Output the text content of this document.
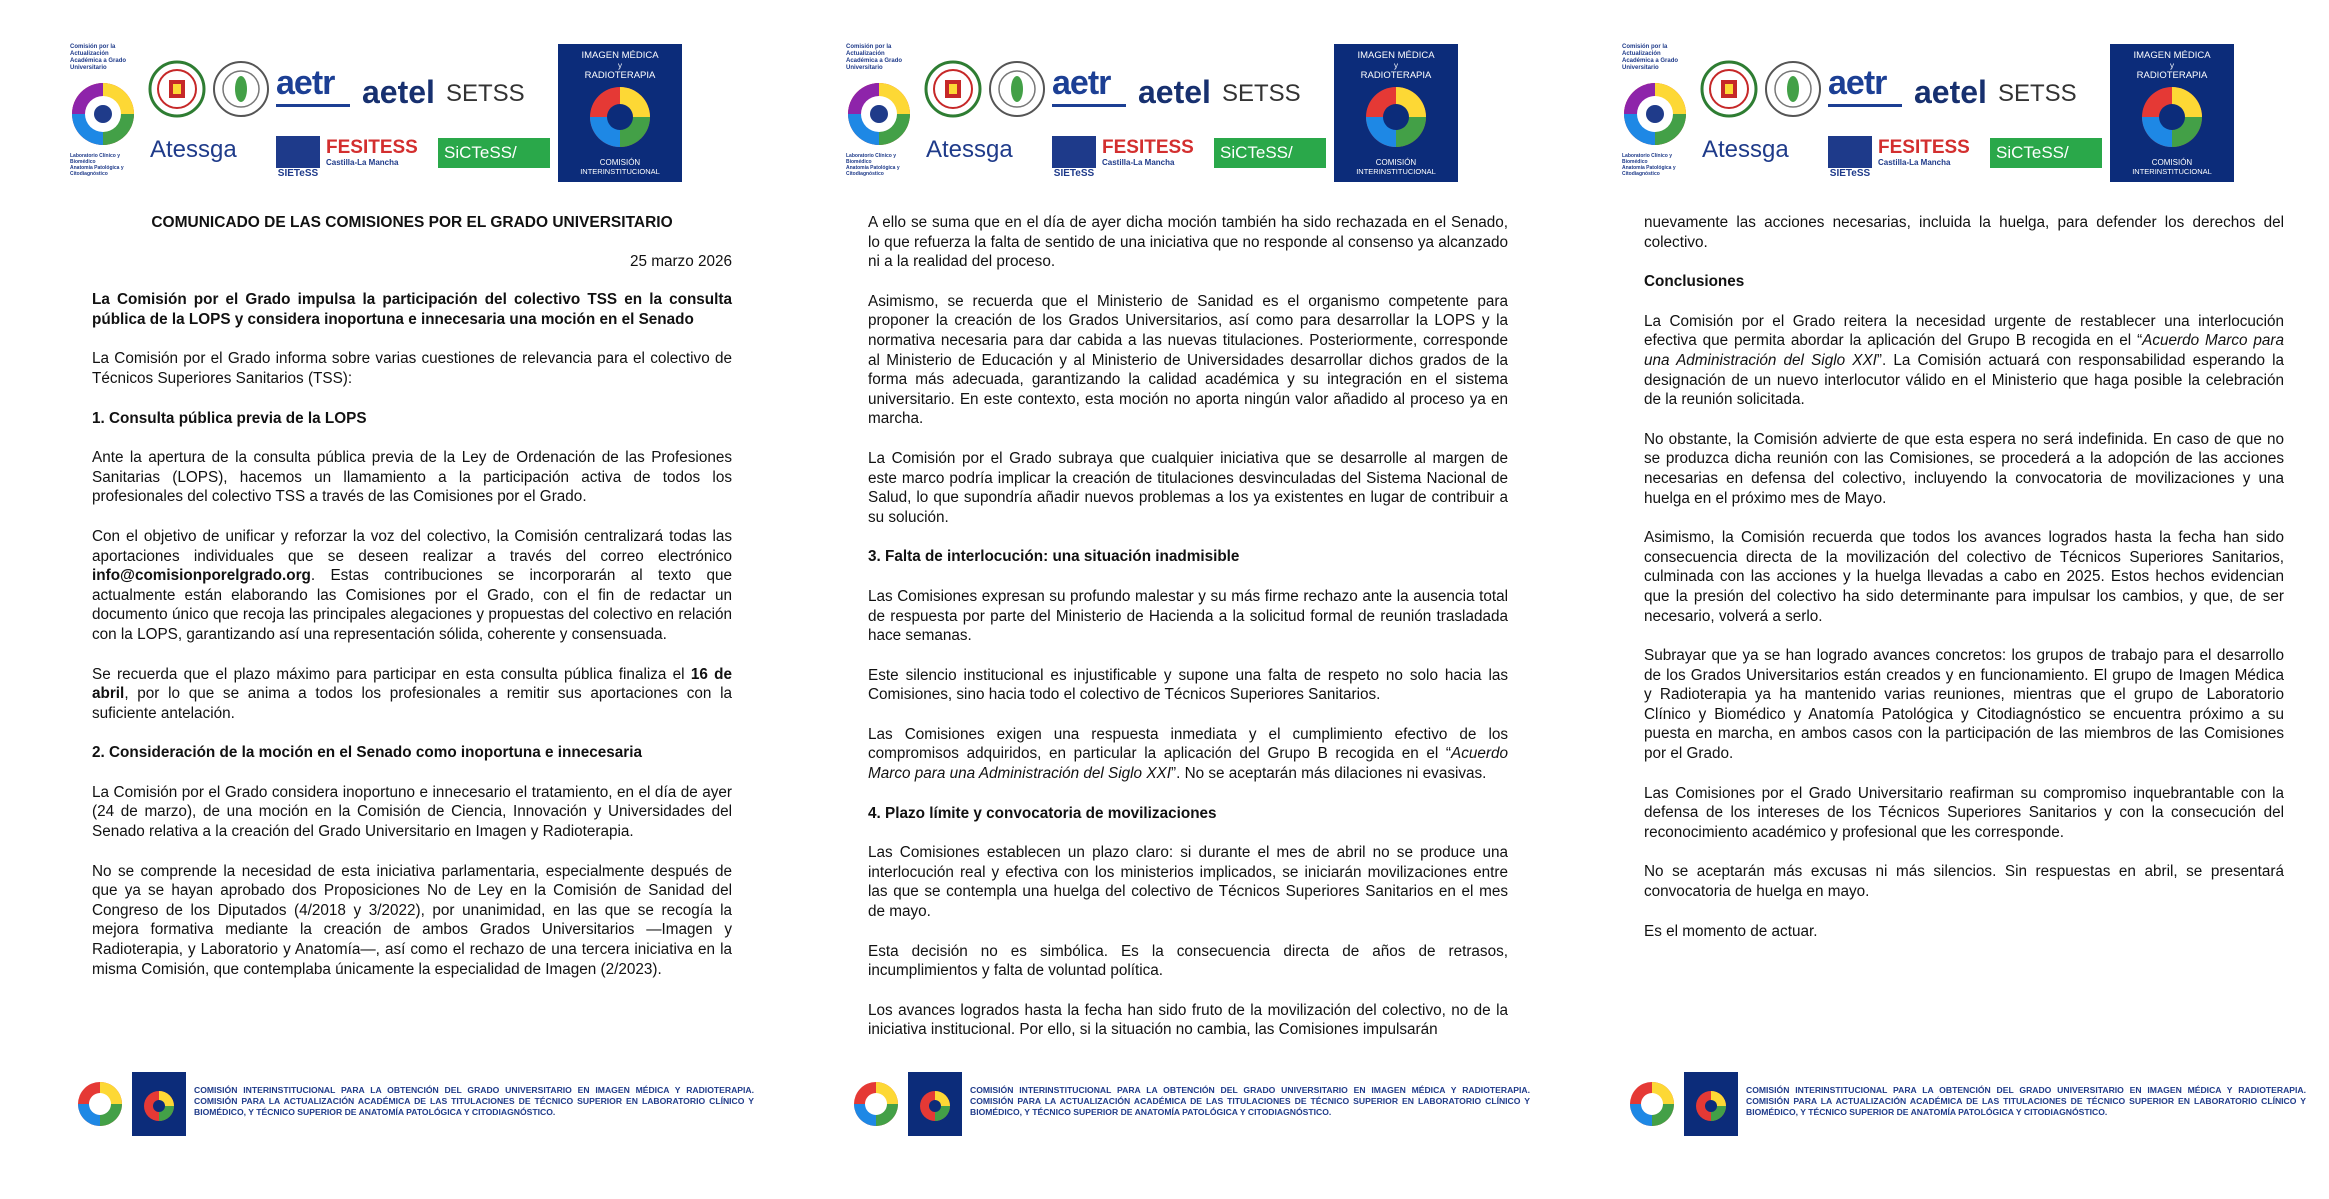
Comisión por la Actualización
Académica a Grado Universitario
Laboratorio Clínico y Biomédico
Anatomía Patológica y Citodiagnóstico
aetr aetel SETSS
Atessga
SIETeSS
FESITESS
Castilla-La Mancha
SiCTeSS/
IMAGEN MÉDICA
y
RADIOTERAPIA
COMISIÓN
INTERINSTITUCIONAL
COMUNICADO DE LAS COMISIONES POR EL GRADO UNIVERSITARIO
25 marzo 2026

La Comisión por el Grado impulsa la participación del colectivo TSS en la consulta pública de la LOPS y considera inoportuna e innecesaria una moción en el Senado

La Comisión por el Grado informa sobre varias cuestiones de relevancia para el colectivo de Técnicos Superiores Sanitarios (TSS):

1. Consulta pública previa de la LOPS

Ante la apertura de la consulta pública previa de la Ley de Ordenación de las Profesiones Sanitarias (LOPS), hacemos un llamamiento a la participación activa de todos los profesionales del colectivo TSS a través de las Comisiones por el Grado.

Con el objetivo de unificar y reforzar la voz del colectivo, la Comisión centralizará todas las aportaciones individuales que se deseen realizar a través del correo electrónico info@comisionporelgrado.org. Estas contribuciones se incorporarán al texto que actualmente están elaborando las Comisiones por el Grado, con el fin de redactar un documento único que recoja las principales alegaciones y propuestas del colectivo en relación con la LOPS, garantizando así una representación sólida, coherente y consensuada.

Se recuerda que el plazo máximo para participar en esta consulta pública finaliza el 16 de abril, por lo que se anima a todos los profesionales a remitir sus aportaciones con la suficiente antelación.

2. Consideración de la moción en el Senado como inoportuna e innecesaria

La Comisión por el Grado considera inoportuno e innecesario el tratamiento, en el día de ayer (24 de marzo), de una moción en la Comisión de Ciencia, Innovación y Universidades del Senado relativa a la creación del Grado Universitario en Imagen y Radioterapia.

No se comprende la necesidad de esta iniciativa parlamentaria, especialmente después de que ya se hayan aprobado dos Proposiciones No de Ley en la Comisión de Sanidad del Congreso de los Diputados (4/2018 y 3/2022), por unanimidad, en las que se recogía la mejora formativa mediante la creación de ambos Grados Universitarios —Imagen y Radioterapia, y Laboratorio y Anatomía—, así como el rechazo de una tercera iniciativa en la misma Comisión, que contemplaba únicamente la especialidad de Imagen (2/2023).

COMISIÓN INTERINSTITUCIONAL PARA LA OBTENCIÓN DEL GRADO UNIVERSITARIO EN IMAGEN MÉDICA Y RADIOTERAPIA. COMISIÓN PARA LA ACTUALIZACIÓN ACADÉMICA DE LAS TITULACIONES DE TÉCNICO SUPERIOR EN LABORATORIO CLÍNICO Y BIOMÉDICO, Y TÉCNICO SUPERIOR DE ANATOMÍA PATOLÓGICA Y CITODIAGNÓSTICO.
Comisión por la Actualización
Académica a Grado Universitario
Laboratorio Clínico y Biomédico
Anatomía Patológica y Citodiagnóstico
aetr aetel SETSS
Atessga
SIETeSS
FESITESS
Castilla-La Mancha
SiCTeSS/
IMAGEN MÉDICA
y
RADIOTERAPIA
COMISIÓN
INTERINSTITUCIONAL

A ello se suma que en el día de ayer dicha moción también ha sido rechazada en el Senado, lo que refuerza la falta de sentido de una iniciativa que no responde al consenso ya alcanzado ni a la realidad del proceso.

Asimismo, se recuerda que el Ministerio de Sanidad es el organismo competente para proponer la creación de los Grados Universitarios, así como para desarrollar la LOPS y la normativa necesaria para dar cabida a las nuevas titulaciones. Posteriormente, corresponde al Ministerio de Educación y al Ministerio de Universidades desarrollar dichos grados de la forma más adecuada, garantizando la calidad académica y su integración en el sistema universitario. En este contexto, esta moción no aporta ningún valor añadido al proceso ya en marcha.

La Comisión por el Grado subraya que cualquier iniciativa que se desarrolle al margen de este marco podría implicar la creación de titulaciones desvinculadas del Sistema Nacional de Salud, lo que supondría añadir nuevos problemas a los ya existentes en lugar de contribuir a su solución.

3. Falta de interlocución: una situación inadmisible

Las Comisiones expresan su profundo malestar y su más firme rechazo ante la ausencia total de respuesta por parte del Ministerio de Hacienda a la solicitud formal de reunión trasladada hace semanas.

Este silencio institucional es injustificable y supone una falta de respeto no solo hacia las Comisiones, sino hacia todo el colectivo de Técnicos Superiores Sanitarios.

Las Comisiones exigen una respuesta inmediata y el cumplimiento efectivo de los compromisos adquiridos, en particular la aplicación del Grupo B recogida en el “Acuerdo Marco para una Administración del Siglo XXI”. No se aceptarán más dilaciones ni evasivas.

4. Plazo límite y convocatoria de movilizaciones

Las Comisiones establecen un plazo claro: si durante el mes de abril no se produce una interlocución real y efectiva con los ministerios implicados, se iniciarán movilizaciones entre las que se contempla una huelga del colectivo de Técnicos Superiores Sanitarios en el mes de mayo.

Esta decisión no es simbólica. Es la consecuencia directa de años de retrasos, incumplimientos y falta de voluntad política.

Los avances logrados hasta la fecha han sido fruto de la movilización del colectivo, no de la iniciativa institucional. Por ello, si la situación no cambia, las Comisiones impulsarán

COMISIÓN INTERINSTITUCIONAL PARA LA OBTENCIÓN DEL GRADO UNIVERSITARIO EN IMAGEN MÉDICA Y RADIOTERAPIA. COMISIÓN PARA LA ACTUALIZACIÓN ACADÉMICA DE LAS TITULACIONES DE TÉCNICO SUPERIOR EN LABORATORIO CLÍNICO Y BIOMÉDICO, Y TÉCNICO SUPERIOR DE ANATOMÍA PATOLÓGICA Y CITODIAGNÓSTICO.
Comisión por la Actualización
Académica a Grado Universitario
Laboratorio Clínico y Biomédico
Anatomía Patológica y Citodiagnóstico
aetr aetel SETSS
Atessga
SIETeSS
FESITESS
Castilla-La Mancha
SiCTeSS/
IMAGEN MÉDICA
y
RADIOTERAPIA
COMISIÓN
INTERINSTITUCIONAL

nuevamente las acciones necesarias, incluida la huelga, para defender los derechos del colectivo.

Conclusiones

La Comisión por el Grado reitera la necesidad urgente de restablecer una interlocución efectiva que permita abordar la aplicación del Grupo B recogida en el “Acuerdo Marco para una Administración del Siglo XXI”. La Comisión actuará con responsabilidad esperando la designación de un nuevo interlocutor válido en el Ministerio que haga posible la celebración de la reunión solicitada.

No obstante, la Comisión advierte de que esta espera no será indefinida. En caso de que no se produzca dicha reunión con las Comisiones, se procederá a la adopción de las acciones necesarias en defensa del colectivo, incluyendo la convocatoria de movilizaciones y una huelga en el próximo mes de Mayo.

Asimismo, la Comisión recuerda que todos los avances logrados hasta la fecha han sido consecuencia directa de la movilización del colectivo de Técnicos Superiores Sanitarios, culminada con las acciones y la huelga llevadas a cabo en 2025. Estos hechos evidencian que la presión del colectivo ha sido determinante para impulsar los cambios, y que, de ser necesario, volverá a serlo.

Subrayar que ya se han logrado avances concretos: los grupos de trabajo para el desarrollo de los Grados Universitarios están creados y en funcionamiento. El grupo de Imagen Médica y Radioterapia ya ha mantenido varias reuniones, mientras que el grupo de Laboratorio Clínico y Biomédico y Anatomía Patológica y Citodiagnóstico se encuentra próximo a su puesta en marcha, en ambos casos con la participación de las miembros de las Comisiones por el Grado.

Las Comisiones por el Grado Universitario reafirman su compromiso inquebrantable con la defensa de los intereses de los Técnicos Superiores Sanitarios y con la consecución del reconocimiento académico y profesional que les corresponde.

No se aceptarán más excusas ni más silencios. Sin respuestas en abril, se presentará convocatoria de huelga en mayo.

Es el momento de actuar.

COMISIÓN INTERINSTITUCIONAL PARA LA OBTENCIÓN DEL GRADO UNIVERSITARIO EN IMAGEN MÉDICA Y RADIOTERAPIA. COMISIÓN PARA LA ACTUALIZACIÓN ACADÉMICA DE LAS TITULACIONES DE TÉCNICO SUPERIOR EN LABORATORIO CLÍNICO Y BIOMÉDICO, Y TÉCNICO SUPERIOR DE ANATOMÍA PATOLÓGICA Y CITODIAGNÓSTICO.
